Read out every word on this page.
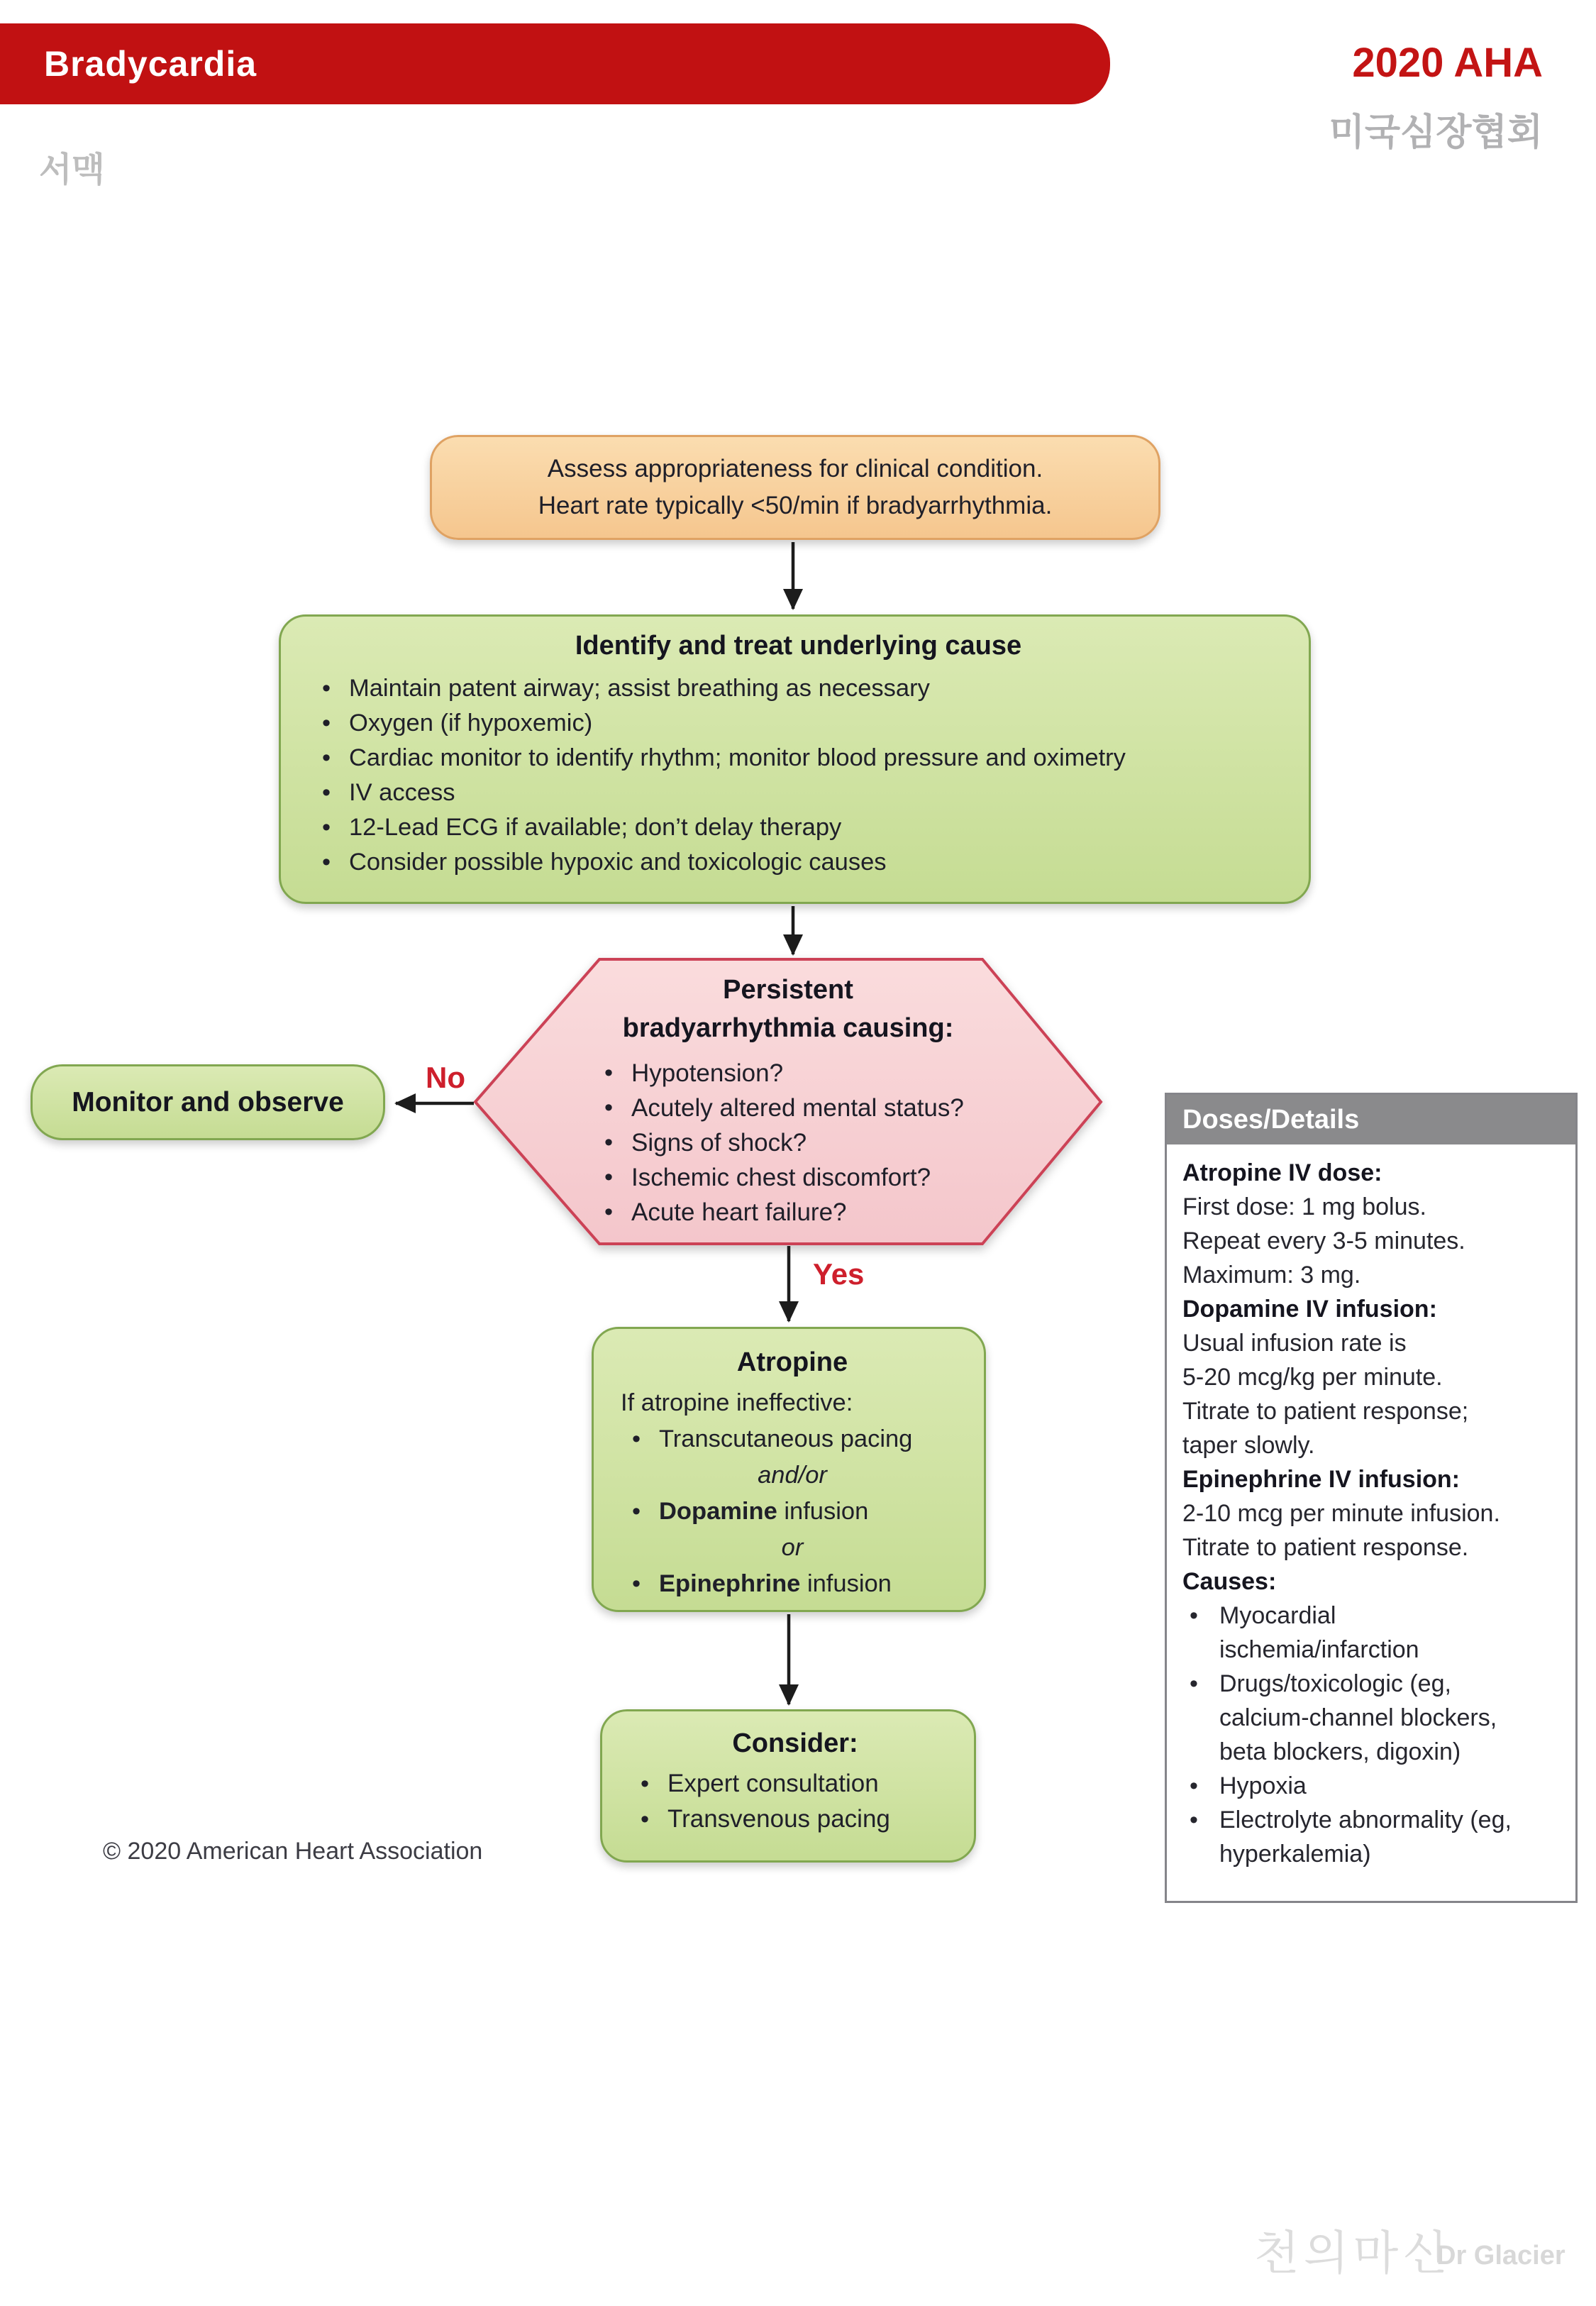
Bradycardia	2020 AHA
미국심장협회
서맥
Assess appropriateness for clinical condition.
Heart rate typically <50/min if bradyarrhythmia.
Identify and treat underlying cause
• Maintain patent airway; assist breathing as necessary
• Oxygen (if hypoxemic)
• Cardiac monitor to identify rhythm; monitor blood pressure and oximetry
• IV access
• 12-Lead ECG if available; don’t delay therapy
• Consider possible hypoxic and toxicologic causes
Persistent
bradyarrhythmia causing:
• Hypotension?
• Acutely altered mental status?
• Signs of shock?
• Ischemic chest discomfort?
• Acute heart failure?
No
Yes
Monitor and observe
Atropine
If atropine ineffective:
• Transcutaneous pacing
and/or
• Dopamine infusion
or
• Epinephrine infusion
Consider:
• Expert consultation
• Transvenous pacing
Doses/Details
Atropine IV dose:
First dose: 1 mg bolus.
Repeat every 3-5 minutes.
Maximum: 3 mg.
Dopamine IV infusion:
Usual infusion rate is
5-20 mcg/kg per minute.
Titrate to patient response;
taper slowly.
Epinephrine IV infusion:
2-10 mcg per minute infusion.
Titrate to patient response.
Causes:
• Myocardial ischemia/infarction
• Drugs/toxicologic (eg, calcium-channel blockers, beta blockers, digoxin)
• Hypoxia
• Electrolyte abnormality (eg, hyperkalemia)
© 2020 American Heart Association
천의마신
Dr Glacier
